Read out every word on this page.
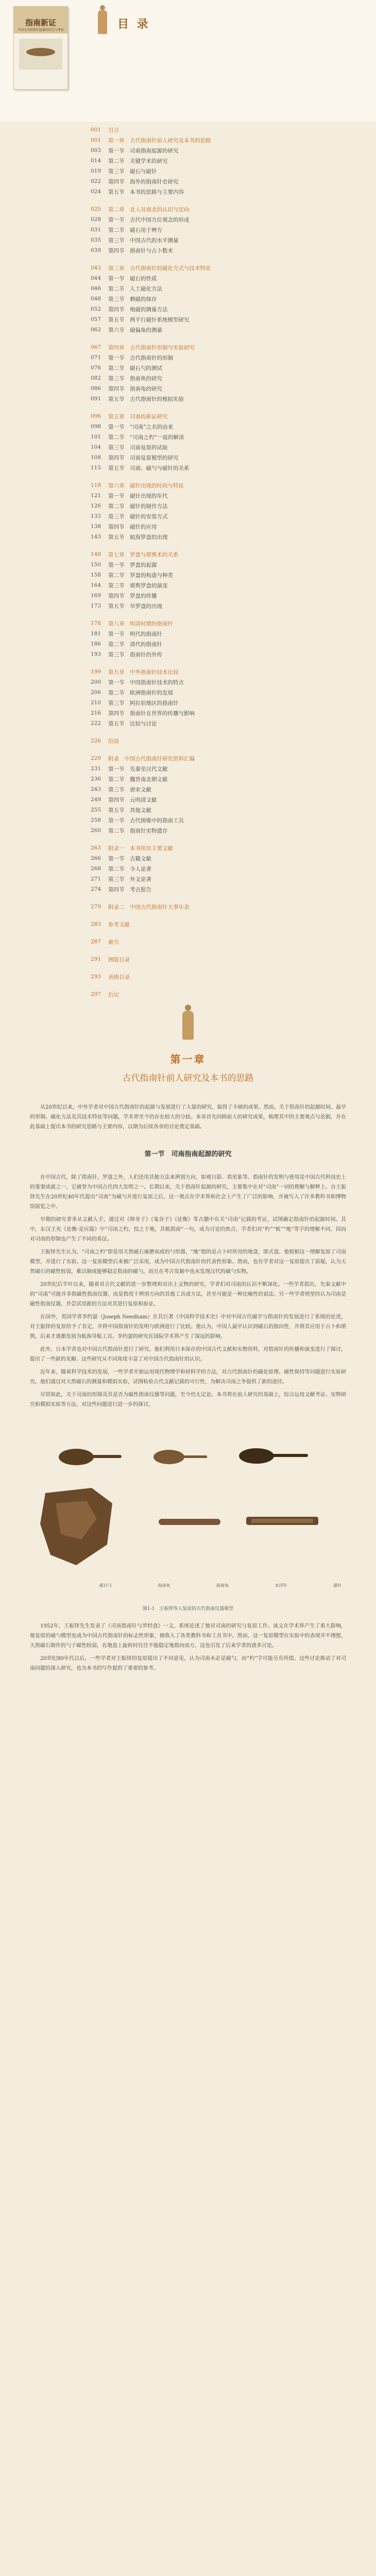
指南新证
中国古代指南针起源的历史与考证	目 录
001 引言
001 第一章　古代指南针前人研究及本书的思路
003 第一节　司南指南起源的研究
014 第二节　关键学术的研究
019 第三节　磁石与磁针
022 第四节　海外的指南针史研究
024 第五节　本书的思路与主要内容
025 第二章　北人对南北的认识与定向
028 第一节　古代中国方位观念的形成
031 第二节　磁石用于辨方
035 第三节　中国古代的水平测量
039 第四节　指南针与占卜数术
043 第三章　古代指南针的磁化方式与技术特征
044 第一节　磁石的性质
046 第二节　人工磁化方法
048 第三节　剩磁的保存
052 第四节　地磁的测量方法
057 第五节　两平行磁针系统模型研究
062 第六节　磁偏角的测量
067 第四章　古代指南针形制与实验研究
071 第一节　古代指南针的形制
076 第二节　磁石勺的测试
082 第三节　指南鱼的研究
086 第四节　指南龟的研究
091 第五节　古代指南针的模拟实验
096 第五章　司南的新证研究
098 第一节　“司南”之名的由来
101 第二节　“司南之杓”一说的解读
104 第三节　司南复原的试验
108 第四节　司南复原模型的研究
115 第五节　司南、磁勺与磁针的关系
118 第六章　磁针出现的时间与特征
121 第一节　磁针出现的年代
126 第二节　磁针的制作方法
133 第三节　磁针的安装方式
138 第四节　磁针的应用
143 第五节　航海罗盘的出现
148 第七章　罗盘与堪舆术的关系
150 第一节　罗盘的起源
158 第二节　罗盘的构造与种类
164 第三节　堪舆罗盘的演变
169 第四节　罗盘的传播
173 第五节　旱罗盘的出现
178 第八章　明清时期的指南针
181 第一节　明代的指南针
186 第二节　清代的指南针
193 第三节　指南针的外传
199 第九章　中外指南针技术比较
200 第一节　中国指南针技术的特点
206 第二节　欧洲指南针的发展
210 第三节　阿拉伯地区的指南针
216 第四节　指南针在世界的传播与影响
222 第五节　比较与讨论
226 结语
229 附录　中国古代指南针研究资料汇编
231 第一节　先秦至汉代文献
236 第二节　魏晋南北朝文献
243 第三节　唐宋文献
249 第四节　元明清文献
255 第五节　其他文献
258 第一节　古代图像中的指南工具
260 第二节　指南针实物遗存
263 附录一　本书所用主要文献
266 第一节　古籍文献
268 第二节　今人论著
271 第三节　外文论著
274 第四节　考古报告
279 附录二　中国古代指南针大事年表
283 参考文献
287 索引
291 图版目录
293 表格目录
297 后记
第一章
古代指南针前人研究及本书的思路

从20世纪以来，中外学者对中国古代指南针的起源与发展进行了大量的研究，取得了丰硕的成果。然而，关于指南针的起源时间、最早的形制、磁化方法及其技术特征等问题，学术界至今仍存在较大的分歧。本章首先回顾前人的研究成果，梳理其中的主要观点与论据，并在此基础上提出本书的研究思路与主要内容，以期为后续各章的讨论奠定基础。

第一节　司南指南起源的研究

在中国古代，除了指南针，罗盘之外，人们还用其他方法来辨别方向，如观日影、看星象等。指南针的发明与使用是中国古代科技史上的重要成就之一，它被誉为中国古代四大发明之一。长期以来，关于指南针起源的研究，主要集中在对“司南”一词的理解与解释上。自王振铎先生在20世纪40年代提出“司南”为磁勺并进行复原之后，这一观点在学术界和社会上产生了广泛的影响，并被写入了许多教科书和博物馆展览之中。

早期的研究者多从文献入手，通过对《韩非子》《鬼谷子》《论衡》等古籍中有关“司南”记载的考证，试图确定指南针的起源时间。其中，东汉王充《论衡·是应篇》中“司南之杓，投之于地，其柢指南”一句，成为讨论的焦点。学者们对“杓”“柢”“地”等字的理解不同，因而对司南的形制也产生了不同的看法。

王振铎先生认为，“司南之杓”即是用天然磁石琢磨而成的勺形器，“地”指的是占卜时所用的地盘，即式盘。他根据这一理解复原了司南模型，并进行了实验。这一复原模型后来被广泛采用，成为中国古代指南针的代表性形象。然而，也有学者对这一复原提出了质疑，认为天然磁石的磁性较弱，难以制成能够稳定指南的磁勺，而且在考古发掘中也未发现汉代的磁勺实物。

20世纪后半叶以来，随着对古代文献的进一步整理和对出土文物的研究，学者们对司南的认识不断深化。一些学者指出，先秦文献中的“司南”可能并非指磁性指南仪器，而是指用于辨别方向的其他工具或方法，甚至可能是一种比喻性的说法。另一些学者则坚持认为司南是磁性指南仪器，并尝试用新的方法对其进行复原和验证。

在国外，英国学者李约瑟（Joseph Needham）在其巨著《中国科学技术史》中对中国古代磁学与指南针的发展进行了系统的论述，对王振铎的复原给予了肯定，并将中国指南针的发明与欧洲进行了比较。他认为，中国人最早认识到磁石的指向性，并将其应用于占卜和堪舆，后来才逐渐发展为航海导航工具。李约瑟的研究在国际学术界产生了深远的影响。

此外，日本学者也对中国古代指南针进行了研究。他们利用日本保存的中国古代文献和实物资料，对指南针的传播和演变进行了探讨，提出了一些新的见解。这些研究从不同角度丰富了对中国古代指南针的认识。

近年来，随着科学技术的发展，一些学者开始运用现代物理学和材料学的方法，对古代指南针的磁化原理、磁性保持等问题进行实验研究。他们通过对天然磁石的测量和模拟实验，试图检验古代文献记载的可行性，为解决司南之争提供了新的途径。

尽管如此，关于司南的形制及其是否为磁性指南仪器等问题，至今仍无定论。本书将在前人研究的基础上，综合运用文献考证、实物研究和模拟实验等方法，对这些问题进行进一步的探讨。

磁石勺	指南鱼	指南龟	水浮针	悬针
图1-1　王振铎等人复原的古代指南仪器模型

1952年，王振铎先生发表了《司南指南针与罗经盘》一文，系统论述了他对司南的研究与复原工作。该文在学术界产生了重大影响，他复原的磁勺模型也成为中国古代指南针的标志性形象，被收入了各类教科书和工具书中。然而，这一复原模型在实验中的表现并不理想，天然磁石制作的勺子磁性较弱，在地盘上旋转时往往不能稳定地指向南方，这也引发了后来学者的诸多讨论。

20世纪80年代以后，一些学者对王振铎的复原提出了不同意见，认为司南未必是磁勺，而“杓”字可能另有所指。这些讨论推动了对司南问题的深入研究，也为本书的写作提供了重要的参考。
